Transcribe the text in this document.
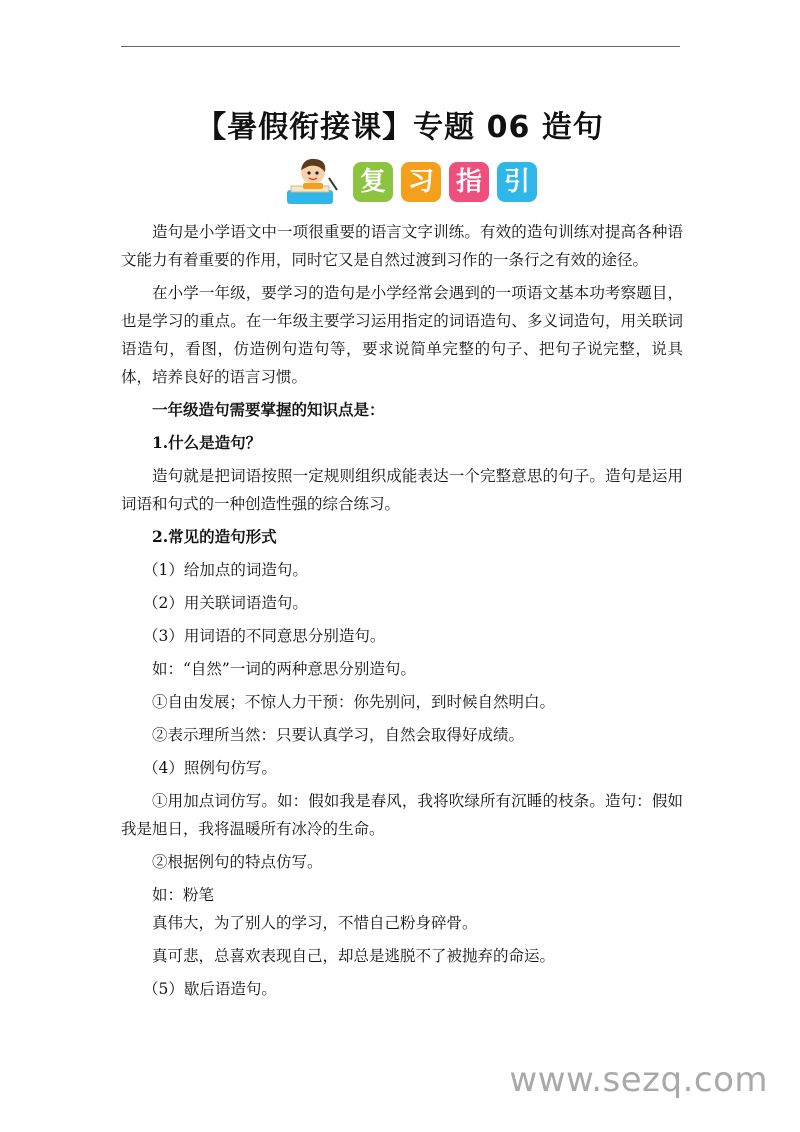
【暑假衔接课】专题 06 造句
复 习 指 引

造句是小学语文中一项很重要的语言文字训练。有效的造句训练对提高各种语文能力有着重要的作用，同时它又是自然过渡到习作的一条行之有效的途径。

在小学一年级，要学习的造句是小学经常会遇到的一项语文基本功考察题目，也是学习的重点。在一年级主要学习运用指定的词语造句、多义词造句，用关联词语造句，看图，仿造例句造句等，要求说简单完整的句子、把句子说完整，说具体，培养良好的语言习惯。

一年级造句需要掌握的知识点是：

1.什么是造句？

造句就是把词语按照一定规则组织成能表达一个完整意思的句子。造句是运用词语和句式的一种创造性强的综合练习。

2.常见的造句形式

（1）给加点的词造句。

（2）用关联词语造句。

（3）用词语的不同意思分别造句。

如：“自然”一词的两种意思分别造句。

①自由发展；不惊人力干预：你先别问，到时候自然明白。

②表示理所当然：只要认真学习，自然会取得好成绩。

（4）照例句仿写。

①用加点词仿写。如：假如我是春风，我将吹绿所有沉睡的枝条。造句：假如我是旭日，我将温暖所有冰冷的生命。

②根据例句的特点仿写。

如：粉笔

真伟大，为了别人的学习，不惜自己粉身碎骨。

真可悲，总喜欢表现自己，却总是逃脱不了被抛弃的命运。

（5）歇后语造句。

www.sezq.com
